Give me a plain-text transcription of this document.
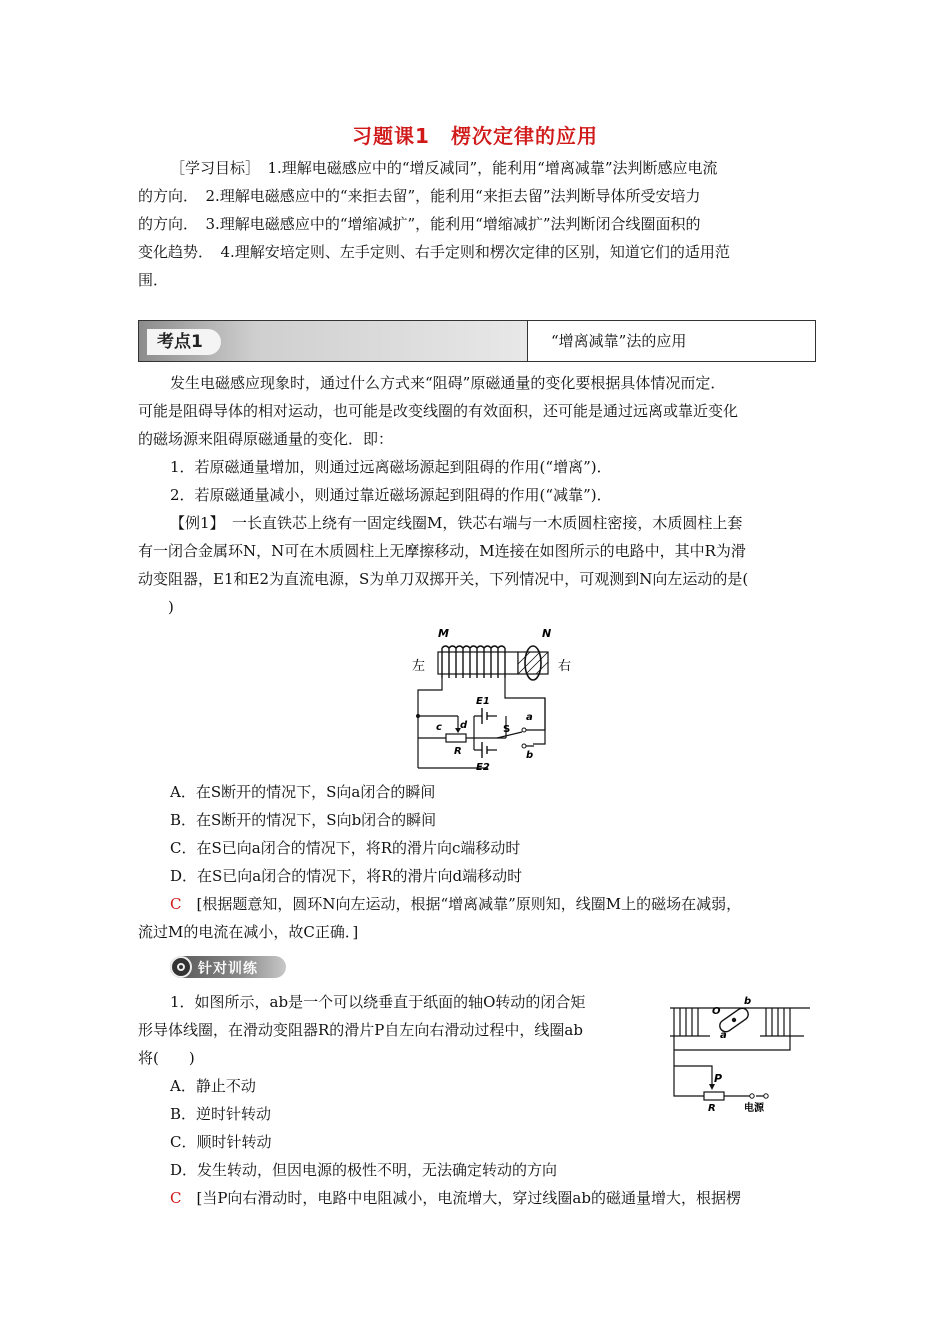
习题课1　楞次定律的应用
［学习目标］　1.理解电磁感应中的“增反减同”，能利用“增离减靠”法判断感应电流
的方向．　2.理解电磁感应中的“来拒去留”，能利用“来拒去留”法判断导体所受安培力
的方向．　3.理解电磁感应中的“增缩减扩”，能利用“增缩减扩”法判断闭合线圈面积的
变化趋势．　4.理解安培定则、左手定则、右手定则和楞次定律的区别，知道它们的适用范
围．
考点1	“增离减靠”法的应用
发生电磁感应现象时，通过什么方式来“阻碍”原磁通量的变化要根据具体情况而定．
可能是阻碍导体的相对运动，也可能是改变线圈的有效面积，还可能是通过远离或靠近变化
的磁场源来阻碍原磁通量的变化．即：
1．若原磁通量增加，则通过远离磁场源起到阻碍的作用(“增离”)．
2．若原磁通量减小，则通过靠近磁场源起到阻碍的作用(“减靠”)．
【例1】　一长直铁芯上绕有一固定线圈M，铁芯右端与一木质圆柱密接，木质圆柱上套
有一闭合金属环N，N可在木质圆柱上无摩擦移动，M连接在如图所示的电路中，其中R为滑
动变阻器，E1和E2为直流电源，S为单刀双掷开关，下列情况中，可观测到N向左运动的是(
　　)
M	N
左	右
c d
R
E1
E2
S
a
b
A．在S断开的情况下，S向a闭合的瞬间
B．在S断开的情况下，S向b闭合的瞬间
C．在S已向a闭合的情况下，将R的滑片向c端移动时
D．在S已向a闭合的情况下，将R的滑片向d端移动时
C　[根据题意知，圆环N向左运动，根据“增离减靠”原则知，线圈M上的磁场在减弱，
流过M的电流在减小，故C正确．]
针对训练
1．如图所示，ab是一个可以绕垂直于纸面的轴O转动的闭合矩
形导体线圈，在滑动变阻器R的滑片P自左向右滑动过程中，线圈ab
将(　　)
O
b
a
P
R	电源
A．静止不动
B．逆时针转动
C．顺时针转动
D．发生转动，但因电源的极性不明，无法确定转动的方向
C　[当P向右滑动时，电路中电阻减小，电流增大，穿过线圈ab的磁通量增大，根据楞
